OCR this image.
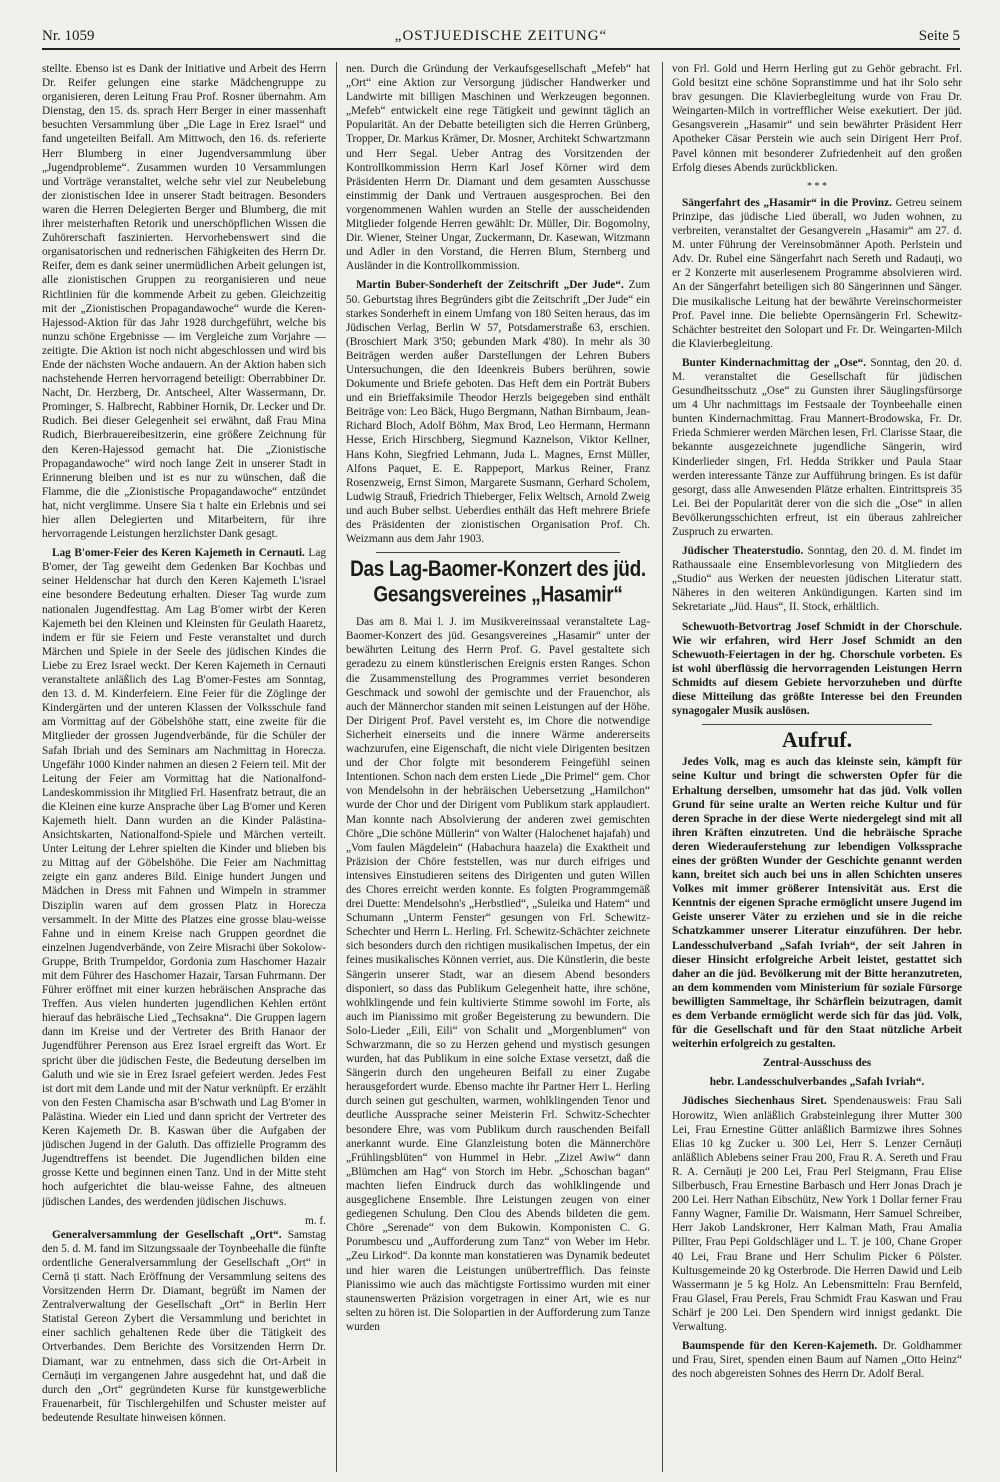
Nr. 1059	„OSTJUEDISCHE ZEITUNG“	Seite 5

stellte. Ebenso ist es Dank der Initiative und Arbeit des Herrn Dr. Reifer gelungen eine starke Mädchengruppe zu organisieren, deren Leitung Frau Prof. Rosner übernahm. Am Dienstag, den 15. ds. sprach Herr Berger in einer massenhaft besuchten Versammlung über „Die Lage in Erez Israel“ und fand ungeteilten Beifall. Am Mittwoch, den 16. ds. referierte Herr Blumberg in einer Jugendversammlung über „Jugendprobleme“. Zusammen wurden 10 Versammlungen und Vorträge veranstaltet, welche sehr viel zur Neubelebung der zionistischen Idee in unserer Stadt beitragen. Besonders waren die Herren Delegierten Berger und Blumberg, die mit ihrer meisterhaften Retorik und unerschöpflichen Wissen die Zuhörerschaft faszinierten. Hervorhebenswert sind die organisatorischen und rednerischen Fähigkeiten des Herrn Dr. Reifer, dem es dank seiner unermüdlichen Arbeit gelungen ist, alle zionistischen Gruppen zu reorganisieren und neue Richtlinien für die kommende Arbeit zu geben. Gleichzeitig mit der „Zionistischen Propagandawoche“ wurde die Keren-Hajessod-Aktion für das Jahr 1928 durchgeführt, welche bis nunzu schöne Ergebnisse — im Vergleiche zum Vorjahre — zeitigte. Die Aktion ist noch nicht abgeschlossen und wird bis Ende der nächsten Woche andauern. An der Aktion haben sich nachstehende Herren hervorragend beteiligt: Oberrabbiner Dr. Nacht, Dr. Herzberg, Dr. Antscheel, Alter Wassermann, Dr. Prominger, S. Halbrecht, Rabbiner Hornik, Dr. Lecker und Dr. Rudich. Bei dieser Gelegenheit sei erwähnt, daß Frau Mina Rudich, Bierbrauereibesitzerin, eine größere Zeichnung für den Keren-Hajessod gemacht hat. Die „Zionistische Propagandawoche“ wird noch lange Zeit in unserer Stadt in Erinnerung bleiben und ist es nur zu wünschen, daß die Flamme, die die „Zionistische Propagandawoche“ entzündet hat, nicht verglimme. Unsere Sia t halte ein Erlebnis und sei hier allen Delegierten und Mitarbeitern, für ihre hervorragende Leistungen herzlichster Dank gesagt.

Lag B'omer-Feier des Keren Kajemeth in Cernauti. Lag B'omer, der Tag geweiht dem Gedenken Bar Kochbas und seiner Heldenschar hat durch den Keren Kajemeth L'israel eine besondere Bedeutung erhalten. Dieser Tag wurde zum nationalen Jugendfesttag. Am Lag B'omer wirbt der Keren Kajemeth bei den Kleinen und Kleinsten für Geulath Haaretz, indem er für sie Feiern und Feste veranstaltet und durch Märchen und Spiele in der Seele des jüdischen Kindes die Liebe zu Erez Israel weckt. Der Keren Kajemeth in Cernauti veranstaltete anläßlich des Lag B'omer-Festes am Sonntag, den 13. d. M. Kinderfeiern. Eine Feier für die Zöglinge der Kindergärten und der unteren Klassen der Volksschule fand am Vormittag auf der Göbelshöhe statt, eine zweite für die Mitglieder der grossen Jugendverbände, für die Schüler der Safah Ibriah und des Seminars am Nachmittag in Horecza. Ungefähr 1000 Kinder nahmen an diesen 2 Feiern teil. Mit der Leitung der Feier am Vormittag hat die Nationalfond-Landeskommission ihr Mitglied Frl. Hasenfratz betraut, die an die Kleinen eine kurze Ansprache über Lag B'omer und Keren Kajemeth hielt. Dann wurden an die Kinder Palästina-Ansichtskarten, Nationalfond-Spiele und Märchen verteilt. Unter Leitung der Lehrer spielten die Kinder und blieben bis zu Mittag auf der Göbelshöhe. Die Feier am Nachmittag zeigte ein ganz anderes Bild. Einige hundert Jungen und Mädchen in Dress mit Fahnen und Wimpeln in strammer Disziplin waren auf dem grossen Platz in Horecza versammelt. In der Mitte des Platzes eine grosse blau-weisse Fahne und in einem Kreise nach Gruppen geordnet die einzelnen Jugendverbände, von Zeire Misrachi über Sokolow-Gruppe, Brith Trumpeldor, Gordonia zum Haschomer Hazair mit dem Führer des Haschomer Hazair, Tarsan Fuhrmann. Der Führer eröffnet mit einer kurzen hebräischen Ansprache das Treffen. Aus vielen hunderten jugendlichen Kehlen ertönt hierauf das hebräische Lied „Techsakna“. Die Gruppen lagern dann im Kreise und der Vertreter des Brith Hanaor der Jugendführer Perenson aus Erez Israel ergreift das Wort. Er spricht über die jüdischen Feste, die Bedeutung derselben im Galuth und wie sie in Erez Israel gefeiert werden. Jedes Fest ist dort mit dem Lande und mit der Natur verknüpft. Er erzählt von den Festen Chamischa asar B'schwath und Lag B'omer in Palästina. Wieder ein Lied und dann spricht der Vertreter des Keren Kajemeth Dr. B. Kaswan über die Aufgaben der jüdischen Jugend in der Galuth. Das offizielle Programm des Jugendtreffens ist beendet. Die Jugendlichen bilden eine grosse Kette und beginnen einen Tanz. Und in der Mitte steht hoch aufgerichtet die blau-weisse Fahne, des altneuen jüdischen Landes, des werdenden jüdischen Jischuws.

m. f.

Generalversammlung der Gesellschaft „Ort“. Samstag den 5. d. M. fand im Sitzungssaale der Toynbeehalle die fünfte ordentliche Generalversammlung der Gesellschaft „Ort“ in Cernă ți statt. Nach Eröffnung der Versammlung seitens des Vorsitzenden Herrn Dr. Diamant, begrüßt im Namen der Zentralverwaltung der Gesellschaft „Ort“ in Berlin Herr Statistal Gereon Zybert die Versammlung und berichtet in einer sachlich gehaltenen Rede über die Tätigkeit des Ortverbandes. Dem Berichte des Vorsitzenden Herrn Dr. Diamant, war zu entnehmen, dass sich die Ort-Arbeit in Cernăuți im vergangenen Jahre ausgedehnt hat, und daß die durch den „Ort“ gegründeten Kurse für kunstgewerbliche Frauenarbeit, für Tischlergehilfen und Schuster meister auf bedeutende Resultate hinweisen können.

nen. Durch die Gründung der Verkaufsgesellschaft „Mefeb“ hat „Ort“ eine Aktion zur Versorgung jüdischer Handwerker und Landwirte mit billigen Maschinen und Werkzeugen begonnen. „Mefeb“ entwickelt eine rege Tätigkeit und gewinnt täglich an Popularität. An der Debatte beteiligten sich die Herren Grünberg, Tropper, Dr. Markus Krämer, Dr. Mosner, Architekt Schwartzmann und Herr Segal. Ueber Antrag des Vorsitzenden der Kontrollkommission Herrn Karl Josef Körner wird dem Präsidenten Herrn Dr. Diamant und dem gesamten Ausschusse einstimmig der Dank und Vertrauen ausgesprochen. Bei den vorgenommenen Wahlen wurden an Stelle der ausscheidenden Mitglieder folgende Herren gewählt: Dr. Müller, Dir. Bogomolny, Dir. Wiener, Steiner Ungar, Zuckermann, Dr. Kasewan, Witzmann und Adler in den Vorstand, die Herren Blum, Sternberg und Ausländer in die Kontrollkommission.

Martin Buber-Sonderheft der Zeitschrift „Der Jude“. Zum 50. Geburtstag ihres Begründers gibt die Zeitschrift „Der Jude“ ein starkes Sonderheft in einem Umfang von 180 Seiten heraus, das im Jüdischen Verlag, Berlin W 57, Potsdamerstraße 63, erschien. (Broschiert Mark 3'50; gebunden Mark 4'80). In mehr als 30 Beiträgen werden außer Darstellungen der Lehren Bubers Untersuchungen, die den Ideenkreis Bubers berühren, sowie Dokumente und Briefe geboten. Das Heft dem ein Porträt Bubers und ein Brieffaksimile Theodor Herzls beigegeben sind enthält Beiträge von: Leo Bäck, Hugo Bergmann, Nathan Birnbaum, Jean-Richard Bloch, Adolf Böhm, Max Brod, Leo Hermann, Hermann Hesse, Erich Hirschberg, Siegmund Kaznelson, Viktor Kellner, Hans Kohn, Siegfried Lehmann, Juda L. Magnes, Ernst Müller, Alfons Paquet, E. E. Rappeport, Markus Reiner, Franz Rosenzweig, Ernst Simon, Margarete Susmann, Gerhard Scholem, Ludwig Strauß, Friedrich Thieberger, Felix Weltsch, Arnold Zweig und auch Buber selbst. Ueberdies enthält das Heft mehrere Briefe des Präsidenten der zionistischen Organisation Prof. Ch. Weizmann aus dem Jahr 1903.

Das Lag-Baomer-Konzert des jüd. Gesangsvereines „Hasamir“

Das am 8. Mai l. J. im Musikvereinssaal veranstaltete Lag-Baomer-Konzert des jüd. Gesangsvereines „Hasamir“ unter der bewährten Leitung des Herrn Prof. G. Pavel gestaltete sich geradezu zu einem künstlerischen Ereignis ersten Ranges. Schon die Zusammenstellung des Programmes verriet besonderen Geschmack und sowohl der gemischte und der Frauenchor, als auch der Männerchor standen mit seinen Leistungen auf der Höhe. Der Dirigent Prof. Pavel versteht es, im Chore die notwendige Sicherheit einerseits und die innere Wärme andererseits wachzurufen, eine Eigenschaft, die nicht viele Dirigenten besitzen und der Chor folgte mit besonderem Feingefühl seinen Intentionen. Schon nach dem ersten Liede „Die Primel“ gem. Chor von Mendelsohn in der hebräischen Uebersetzung „Hamilchon“ wurde der Chor und der Dirigent vom Publikum stark applaudiert. Man konnte nach Absolvierung der anderen zwei gemischten Chöre „Die schöne Müllerin“ von Walter (Halochenet hajafah) und „Vom faulen Mägdelein“ (Habachura haazela) die Exaktheit und Präzision der Chöre feststellen, was nur durch eifriges und intensives Einstudieren seitens des Dirigenten und guten Willen des Chores erreicht werden konnte. Es folgten Programmgemäß drei Duette: Mendelsohn's „Herbstlied“, „Suleika und Hatem“ und Schumann „Unterm Fenster“ gesungen von Frl. Schewitz-Schechter und Herrn L. Herling. Frl. Schewitz-Schächter zeichnete sich besonders durch den richtigen musikalischen Impetus, der ein feines musikalisches Können verriet, aus. Die Künstlerin, die beste Sängerin unserer Stadt, war an diesem Abend besonders disponiert, so dass das Publikum Gelegenheit hatte, ihre schöne, wohlklingende und fein kultivierte Stimme sowohl im Forte, als auch im Pianissimo mit großer Begeisterung zu bewundern. Die Solo-Lieder „Eili, Eili“ von Schalit und „Morgenblumen“ von Schwarzmann, die so zu Herzen gehend und mystisch gesungen wurden, hat das Publikum in eine solche Extase versetzt, daß die Sängerin durch den ungeheuren Beifall zu einer Zugabe herausgefordert wurde. Ebenso machte ihr Partner Herr L. Herling durch seinen gut geschulten, warmen, wohlklingenden Tenor und deutliche Aussprache seiner Meisterin Frl. Schwitz-Schechter besondere Ehre, was vom Publikum durch rauschenden Beifall anerkannt wurde. Eine Glanzleistung boten die Männerchöre „Frühlingsblüten“ von Hummel in Hebr. „Zizel Awiw“ dann „Blümchen am Hag“ von Storch im Hebr. „Schoschan bagan“ machten liefen Eindruck durch das wohlklingende und ausgeglichene Ensemble. Ihre Leistungen zeugen von einer gediegenen Schulung. Den Clou des Abends bildeten die gem. Chöre „Serenade“ von dem Bukowin. Komponisten C. G. Porumbescu und „Aufforderung zum Tanz“ von Weber im Hebr. „Zeu Lirkod“. Da konnte man konstatieren was Dynamik bedeutet und hier waren die Leistungen unübertrefflich. Das feinste Pianissimo wie auch das mächtigste Fortissimo wurden mit einer staunenswerten Präzision vorgetragen in einer Art, wie es nur selten zu hören ist. Die Solopartien in der Aufforderung zum Tanze wurden

von Frl. Gold und Herrn Herling gut zu Gehör gebracht. Frl. Gold besitzt eine schöne Sopranstimme und hat ihr Solo sehr brav gesungen. Die Klavierbegleitung wurde von Frau Dr. Weingarten-Milch in vortrefflicher Weise exekutiert. Der jüd. Gesangsverein „Hasamir“ und sein bewährter Präsident Herr Apotheker Cäsar Perstein wie auch sein Dirigent Herr Prof. Pavel können mit besonderer Zufriedenheit auf den großen Erfolg dieses Abends zurückblicken.

* * *

Sängerfahrt des „Hasamir“ in die Provinz. Getreu seinem Prinzipe, das jüdische Lied überall, wo Juden wohnen, zu verbreiten, veranstaltet der Gesangverein „Hasamir“ am 27. d. M. unter Führung der Vereinsobmänner Apoth. Perlstein und Adv. Dr. Rubel eine Sängerfahrt nach Sereth und Radauți, wo er 2 Konzerte mit auserlesenem Programme absolvieren wird. An der Sängerfahrt beteiligen sich 80 Sängerinnen und Sänger. Die musikalische Leitung hat der bewährte Vereinschormeister Prof. Pavel inne. Die beliebte Opernsängerin Frl. Schewitz-Schächter bestreitet den Solopart und Fr. Dr. Weingarten-Milch die Klavierbegleitung.

Bunter Kindernachmittag der „Ose“. Sonntag, den 20. d. M. veranstaltet die Gesellschaft für jüdischen Gesundheitsschutz „Ose“ zu Gunsten ihrer Säuglingsfürsorge um 4 Uhr nachmittags im Festsaale der Toynbeehalle einen bunten Kindernachmittag. Frau Mannert-Brodowska, Fr. Dr. Frieda Schmierer werden Märchen lesen, Frl. Clarisse Staar, die bekannte ausgezeichnete jugendliche Sängerin, wird Kinderlieder singen, Frl. Hedda Strikker und Paula Staar werden interessante Tänze zur Aufführung bringen. Es ist dafür gesorgt, dass alle Anwesenden Plätze erhalten. Eintrittspreis 35 Lei. Bei der Popularität derer von die sich die „Ose“ in allen Bevölkerungsschichten erfreut, ist ein überaus zahlreicher Zuspruch zu erwarten.

Jüdischer Theaterstudio. Sonntag, den 20. d. M. findet im Rathaussaale eine Ensemblevorlesung von Mitgliedern des „Studio“ aus Werken der neuesten jüdischen Literatur statt. Näheres in den weiteren Ankündigungen. Karten sind im Sekretariate „Jüd. Haus“, II. Stock, erhältlich.

Schewuoth-Betvortrag Josef Schmidt in der Chorschule. Wie wir erfahren, wird Herr Josef Schmidt an den Schewuoth-Feiertagen in der hg. Chorschule vorbeten. Es ist wohl überflüssig die hervorragenden Leistungen Herrn Schmidts auf diesem Gebiete hervorzuheben und dürfte diese Mitteilung das größte Interesse bei den Freunden synagogaler Musik auslösen.

Aufruf.

Jedes Volk, mag es auch das kleinste sein, kämpft für seine Kultur und bringt die schwersten Opfer für die Erhaltung derselben, umsomehr hat das jüd. Volk vollen Grund für seine uralte an Werten reiche Kultur und für deren Sprache in der diese Werte niedergelegt sind mit all ihren Kräften einzutreten. Und die hebräische Sprache deren Wiederauferstehung zur lebendigen Volkssprache eines der größten Wunder der Geschichte genannt werden kann, breitet sich auch bei uns in allen Schichten unseres Volkes mit immer größerer Intensivität aus. Erst die Kenntnis der eigenen Sprache ermöglicht unsere Jugend im Geiste unserer Väter zu erziehen und sie in die reiche Schatzkammer unserer Literatur einzuführen. Der hebr. Landesschulverband „Safah Ivriah“, der seit Jahren in dieser Hinsicht erfolgreiche Arbeit leistet, gestattet sich daher an die jüd. Bevölkerung mit der Bitte heranzutreten, an dem kommenden vom Ministerium für soziale Fürsorge bewilligten Sammeltage, ihr Schärflein beizutragen, damit es dem Verbande ermöglicht werde sich für das jüd. Volk, für die Gesellschaft und für den Staat nützliche Arbeit weiterhin erfolgreich zu gestalten.

Zentral-Ausschuss des

hebr. Landesschulverbandes „Safah Ivriah“.

Jüdisches Siechenhaus Siret. Spendenausweis: Frau Sali Horowitz, Wien anläßlich Grabsteinlegung ihrer Mutter 300 Lei, Frau Ernestine Gütter anläßlich Barmizwe ihres Sohnes Elias 10 kg Zucker u. 300 Lei, Herr S. Lenzer Cernăuți anläßlich Ablebens seiner Frau 200, Frau R. A. Sereth und Frau R. A. Cernăuți je 200 Lei, Frau Perl Steigmann, Frau Elise Silberbusch, Frau Ernestine Barbasch und Herr Jonas Drach je 200 Lei. Herr Nathan Eibschütz, New York 1 Dollar ferner Frau Fanny Wagner, Familie Dr. Waismann, Herr Samuel Schreiber, Herr Jakob Landskroner, Herr Kalman Math, Frau Amalia Pillter, Frau Pepi Goldschläger und L. T. je 100, Chane Groper 40 Lei, Frau Brane und Herr Schulim Picker 6 Pölster. Kultusgemeinde 20 kg Osterbrode. Die Herren Dawid und Leib Wassermann je 5 kg Holz. An Lebensmitteln: Frau Bernfeld, Frau Glasel, Frau Perels, Frau Schmidt Frau Kaswan und Frau Schärf je 200 Lei. Den Spendern wird innigst gedankt. Die Verwaltung.

Baumspende für den Keren-Kajemeth. Dr. Goldhammer und Frau, Siret, spenden einen Baum auf Namen „Otto Heinz“ des noch abgereisten Sohnes des Herrn Dr. Adolf Beral.
